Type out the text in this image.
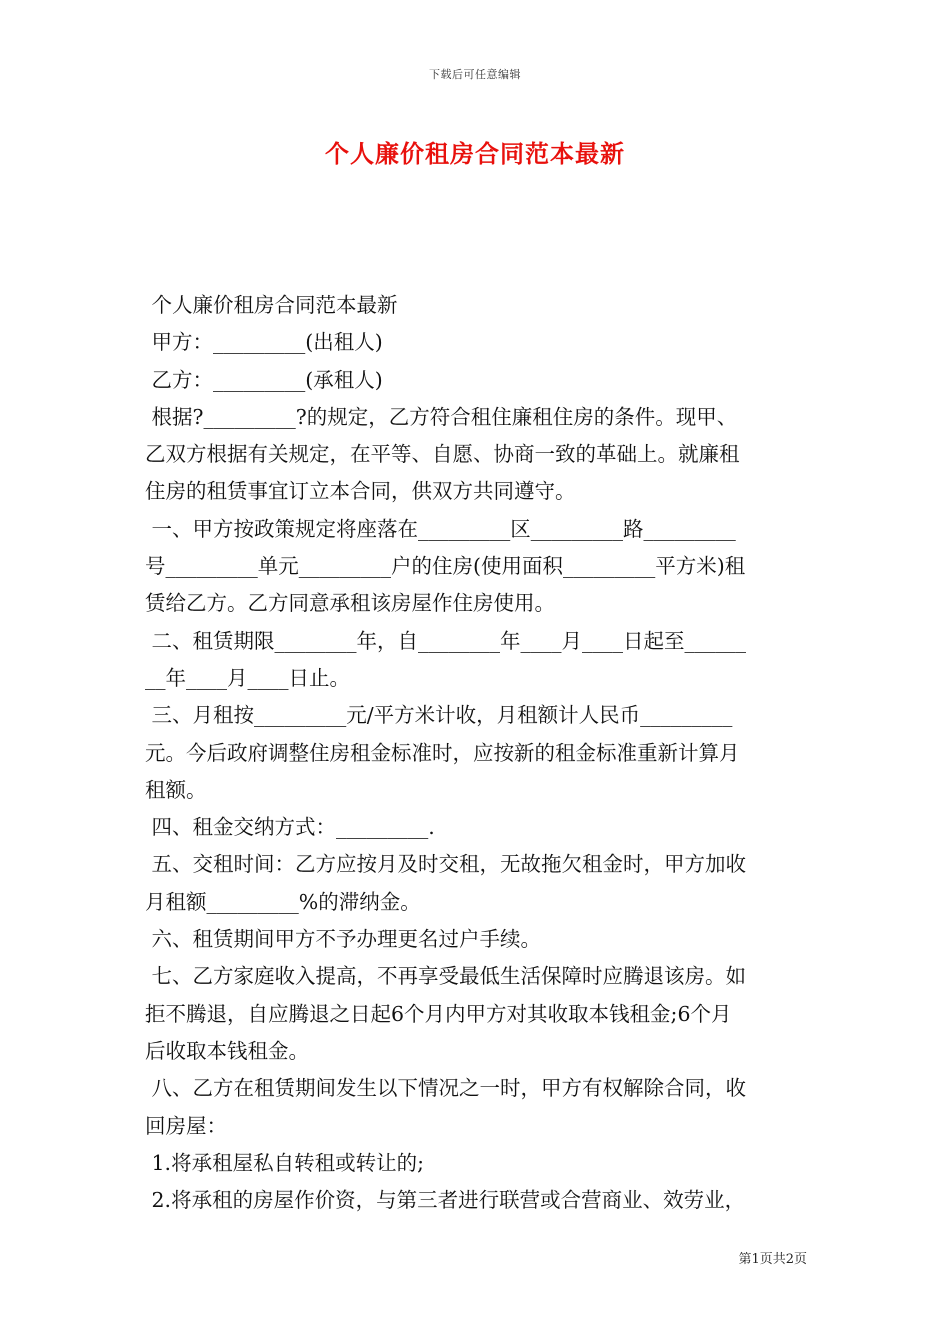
下载后可任意编辑
个人廉价租房合同范本最新
个人廉价租房合同范本最新
甲方：_________(出租人)
乙方：_________(承租人)
根据?_________?的规定，乙方符合租住廉租住房的条件。现甲、
乙双方根据有关规定，在平等、自愿、协商一致的革础上。就廉租
住房的租赁事宜订立本合同，供双方共同遵守。
一、甲方按政策规定将座落在_________区_________路_________
号_________单元_________户的住房(使用面积_________平方米)租
赁给乙方。乙方同意承租该房屋作住房使用。
二、租赁期限________年，自________年____月____日起至______
__年____月____日止。
三、月租按_________元/平方米计收，月租额计人民币_________
元。今后政府调整住房租金标准时，应按新的租金标准重新计算月
租额。
四、租金交纳方式：_________.
五、交租时间：乙方应按月及时交租，无故拖欠租金时，甲方加收
月租额_________%的滞纳金。
六、租赁期间甲方不予办理更名过户手续。
七、乙方家庭收入提高，不再享受最低生活保障时应腾退该房。如
拒不腾退，自应腾退之日起6个月内甲方对其收取本钱租金;6个月
后收取本钱租金。
八、乙方在租赁期间发生以下情况之一时，甲方有权解除合同，收
回房屋：
1.将承租屋私自转租或转让的;
2.将承租的房屋作价资，与第三者进行联营或合营商业、效劳业，
第1页共2页
